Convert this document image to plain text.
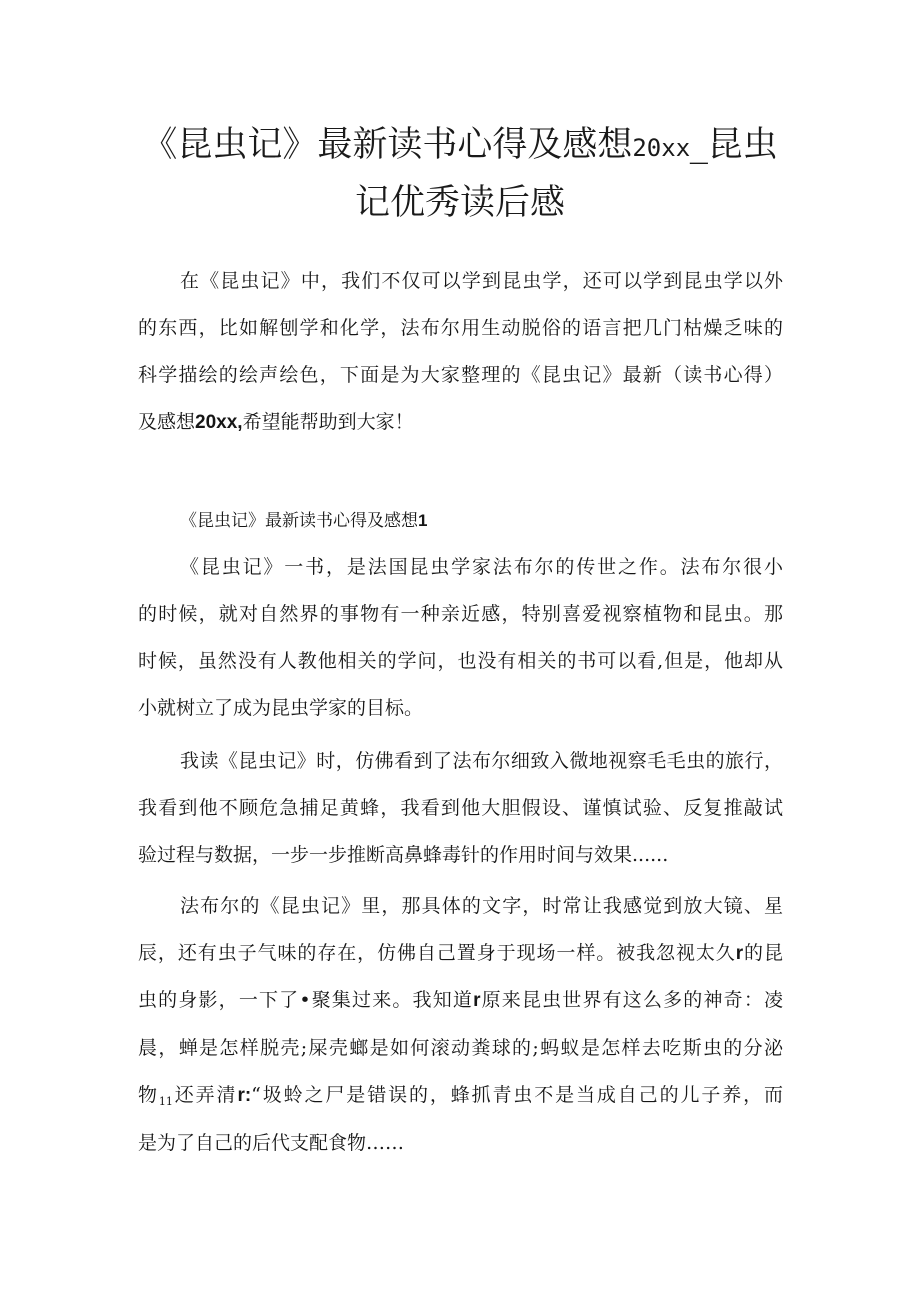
《昆虫记》最新读书心得及感想20xx_昆虫
记优秀读后感
在《昆虫记》中，我们不仅可以学到昆虫学，还可以学到昆虫学以外
的东西，比如解刨学和化学，法布尔用生动脱俗的语言把几门枯燥乏味的
科学描绘的绘声绘色，下面是为大家整理的《昆虫记》最新（读书心得）
及感想20xx,希望能帮助到大家！
《昆虫记》最新读书心得及感想1
《昆虫记》一书，是法国昆虫学家法布尔的传世之作。法布尔很小
的时候，就对自然界的事物有一种亲近感，特别喜爱视察植物和昆虫。那
时候，虽然没有人教他相关的学问，也没有相关的书可以看,但是，他却从
小就树立了成为昆虫学家的目标。
我读《昆虫记》时，仿佛看到了法布尔细致入微地视察毛毛虫的旅行，
我看到他不顾危急捕足黄蜂，我看到他大胆假设、谨慎试验、反复推敲试
验过程与数据，一步一步推断高鼻蜂毒针的作用时间与效果......
法布尔的《昆虫记》里，那具体的文字，时常让我感觉到放大镜、星
辰，还有虫子气味的存在，仿佛自己置身于现场一样。被我忽视太久r的昆
虫的身影，一下了•聚集过来。我知道r原来昆虫世界有这么多的神奇：凌
晨，蝉是怎样脱壳;屎壳螂是如何滚动粪球的;蚂蚁是怎样去吃斯虫的分泌
物$_{11}$还弄清r:“圾蛉之尸是错误的，蜂抓青虫不是当成自己的儿子养，而
是为了自己的后代支配食物……
